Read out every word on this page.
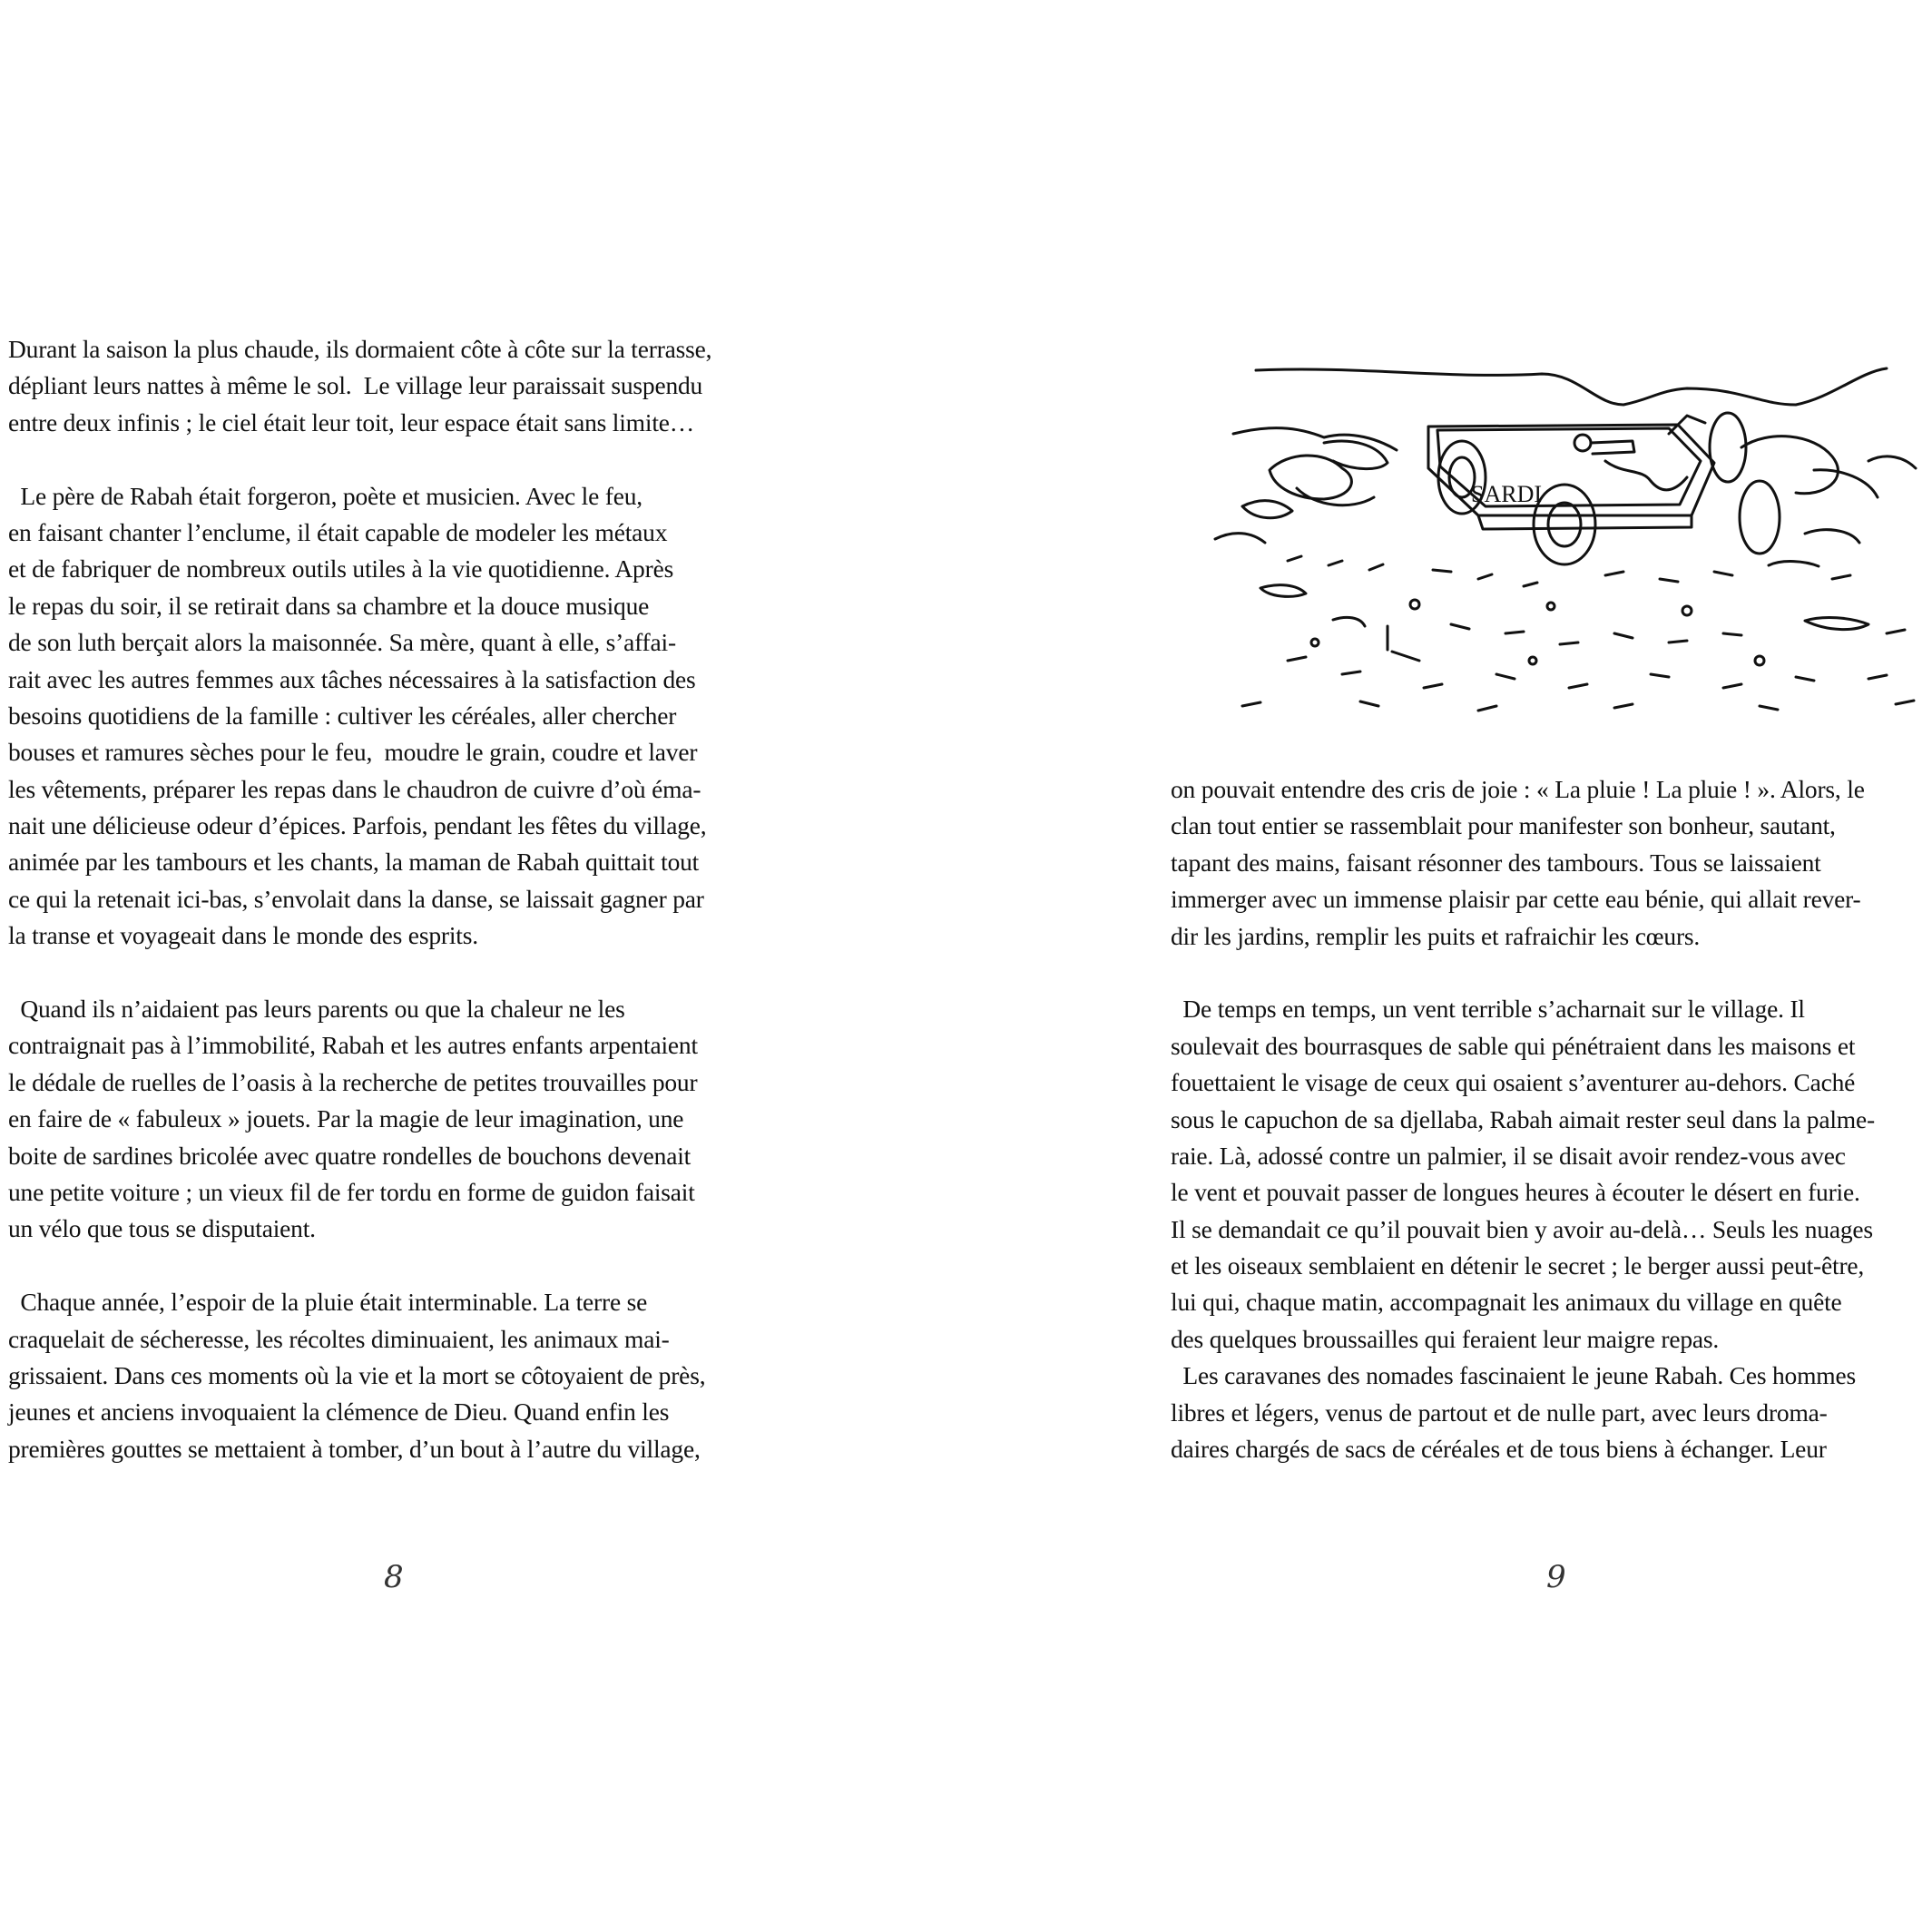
Durant la saison la plus chaude, ils dormaient côte à côte sur la terrasse,
dépliant leurs nattes à même le sol.  Le village leur paraissait suspendu
entre deux infinis ; le ciel était leur toit, leur espace était sans limite…
Le père de Rabah était forgeron, poète et musicien. Avec le feu,
en faisant chanter l’enclume, il était capable de modeler les métaux
et de fabriquer de nombreux outils utiles à la vie quotidienne. Après
le repas du soir, il se retirait dans sa chambre et la douce musique
de son luth berçait alors la maisonnée. Sa mère, quant à elle, s’affai-
rait avec les autres femmes aux tâches nécessaires à la satisfaction des
besoins quotidiens de la famille : cultiver les céréales, aller chercher
bouses et ramures sèches pour le feu,  moudre le grain, coudre et laver
les vêtements, préparer les repas dans le chaudron de cuivre d’où éma-
nait une délicieuse odeur d’épices. Parfois, pendant les fêtes du village,
animée par les tambours et les chants, la maman de Rabah quittait tout
ce qui la retenait ici-bas, s’envolait dans la danse, se laissait gagner par
la transe et voyageait dans le monde des esprits.
Quand ils n’aidaient pas leurs parents ou que la chaleur ne les
contraignait pas à l’immobilité, Rabah et les autres enfants arpentaient
le dédale de ruelles de l’oasis à la recherche de petites trouvailles pour
en faire de « fabuleux » jouets. Par la magie de leur imagination, une
boite de sardines bricolée avec quatre rondelles de bouchons devenait
une petite voiture ; un vieux fil de fer tordu en forme de guidon faisait
un vélo que tous se disputaient.
Chaque année, l’espoir de la pluie était interminable. La terre se
craquelait de sécheresse, les récoltes diminuaient, les animaux mai-
grissaient. Dans ces moments où la vie et la mort se côtoyaient de près,
jeunes et anciens invoquaient la clémence de Dieu. Quand enfin les
premières gouttes se mettaient à tomber, d’un bout à l’autre du village,
8
SARDI
on pouvait entendre des cris de joie : « La pluie ! La pluie ! ». Alors, le
clan tout entier se rassemblait pour manifester son bonheur, sautant,
tapant des mains, faisant résonner des tambours. Tous se laissaient
immerger avec un immense plaisir par cette eau bénie, qui allait rever-
dir les jardins, remplir les puits et rafraichir les cœurs.
De temps en temps, un vent terrible s’acharnait sur le village. Il
soulevait des bourrasques de sable qui pénétraient dans les maisons et
fouettaient le visage de ceux qui osaient s’aventurer au-dehors. Caché
sous le capuchon de sa djellaba, Rabah aimait rester seul dans la palme-
raie. Là, adossé contre un palmier, il se disait avoir rendez-vous avec
le vent et pouvait passer de longues heures à écouter le désert en furie.
Il se demandait ce qu’il pouvait bien y avoir au-delà… Seuls les nuages
et les oiseaux semblaient en détenir le secret ; le berger aussi peut-être,
lui qui, chaque matin, accompagnait les animaux du village en quête
des quelques broussailles qui feraient leur maigre repas.
Les caravanes des nomades fascinaient le jeune Rabah. Ces hommes
libres et légers, venus de partout et de nulle part, avec leurs droma-
daires chargés de sacs de céréales et de tous biens à échanger. Leur
9
